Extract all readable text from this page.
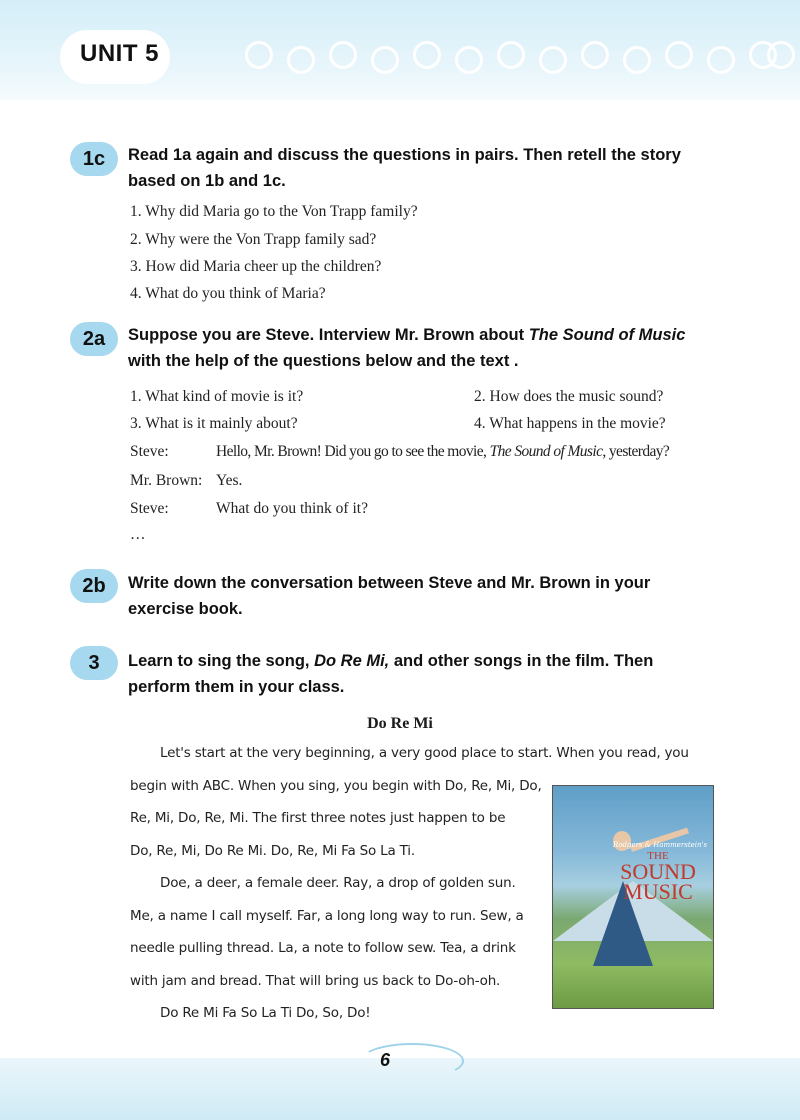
UNIT 5
1c	Read 1a again and discuss the questions in pairs. Then retell the story based on 1b and 1c.
1. Why did Maria go to the Von Trapp family?
2. Why were the Von Trapp family sad?
3. How did Maria cheer up the children?
4. What do you think of Maria?
2a	Suppose you are Steve. Interview Mr. Brown about The Sound of Music
with the help of the questions below and the text .
1. What kind of movie is it?	2. How does the music sound?
3. What is it mainly about?	4. What happens in the movie?
Steve:	Hello, Mr. Brown! Did you go to see the movie, The Sound of Music, yesterday?
Mr. Brown: Yes.
Steve:	What do you think of it?
…
2b	Write down the conversation between Steve and Mr. Brown in your exercise book.
3	Learn to sing the song, Do Re Mi, and other songs in the film. Then perform them in your class.
Do Re Mi
Let's start at the very beginning, a very good place to start. When you read, you
begin with ABC. When you sing, you begin with Do, Re, Mi, Do,
Re, Mi, Do, Re, Mi. The first three notes just happen to be
Do, Re, Mi, Do Re Mi. Do, Re, Mi Fa So La Ti.
Doe, a deer, a female deer. Ray, a drop of golden sun.
Me, a name I call myself. Far, a long long way to run. Sew, a
needle pulling thread. La, a note to follow sew. Tea, a drink
with jam and bread. That will bring us back to Do-oh-oh.
Do Re Mi Fa So La Ti Do, So, Do!
Rodgers & Hammerstein's
THE
SOUND
MUSIC
6
